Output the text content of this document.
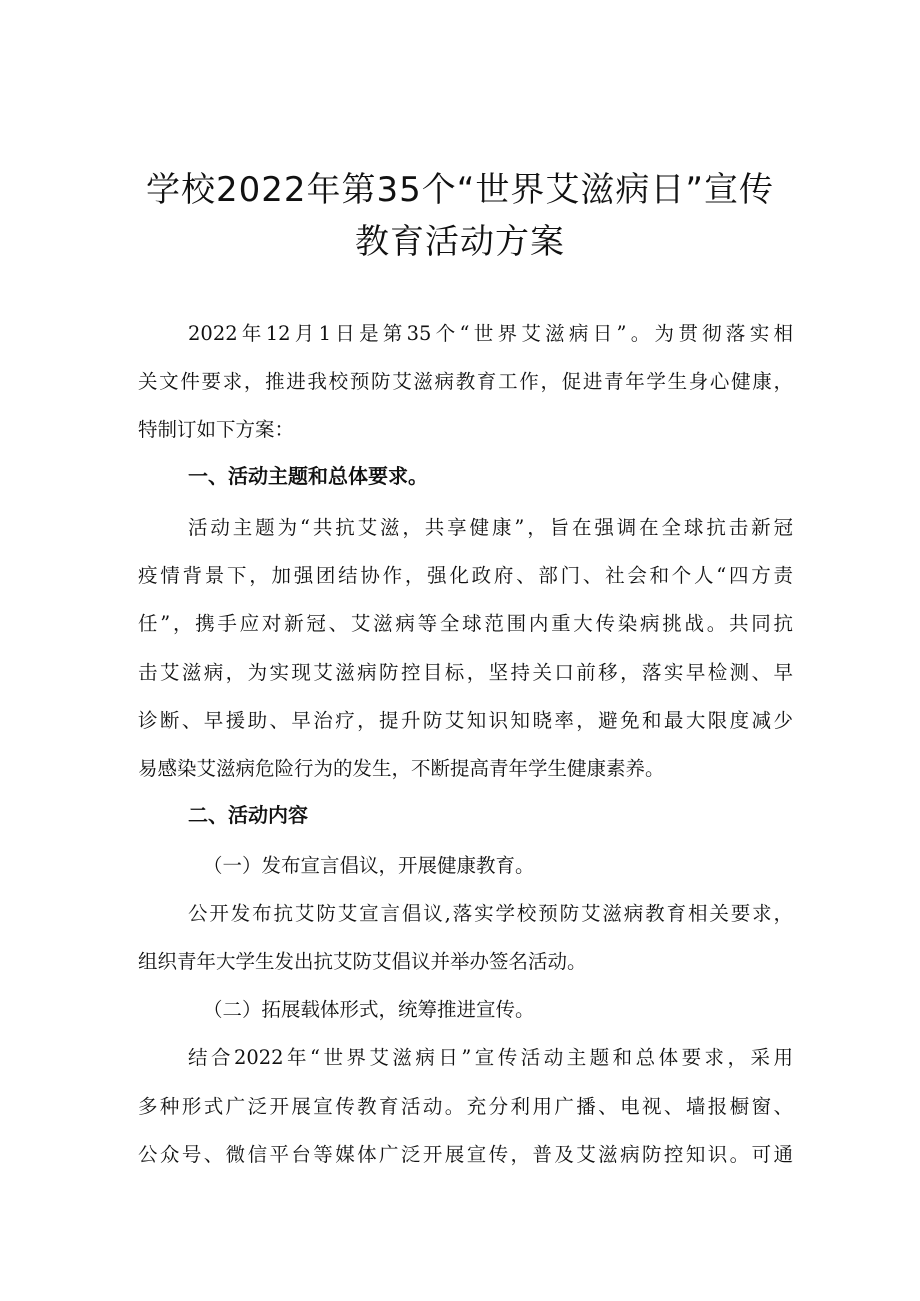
学校2022年第35个“世界艾滋病日”宣传
教育活动方案
2022年12月1日是第35个“世界艾滋病日”。为贯彻落实相
关文件要求，推进我校预防艾滋病教育工作，促进青年学生身心健康，
特制订如下方案：
一、活动主题和总体要求。
活动主题为“共抗艾滋，共享健康”，旨在强调在全球抗击新冠
疫情背景下，加强团结协作，强化政府、部门、社会和个人“四方责
任”，携手应对新冠、艾滋病等全球范围内重大传染病挑战。共同抗
击艾滋病，为实现艾滋病防控目标，坚持关口前移，落实早检测、早
诊断、早援助、早治疗，提升防艾知识知晓率，避免和最大限度减少
易感染艾滋病危险行为的发生，不断提高青年学生健康素养。
二、活动内容
（一）发布宣言倡议，开展健康教育。
公开发布抗艾防艾宣言倡议,落实学校预防艾滋病教育相关要求，
组织青年大学生发出抗艾防艾倡议并举办签名活动。
（二）拓展载体形式，统筹推进宣传。
结合2022年“世界艾滋病日”宣传活动主题和总体要求，采用
多种形式广泛开展宣传教育活动。充分利用广播、电视、墙报橱窗、
公众号、微信平台等媒体广泛开展宣传，普及艾滋病防控知识。可通
